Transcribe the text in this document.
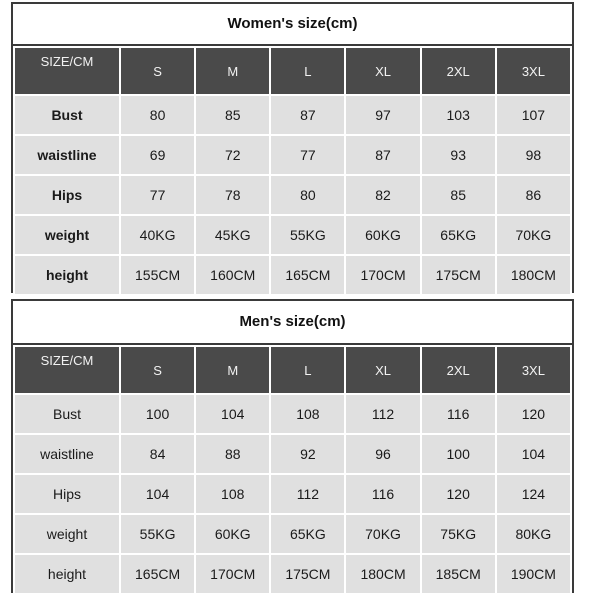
Women's size(cm)
SIZE/CM	S	M	L	XL	2XL	3XL
Bust	80	85	87	97	103	107
waistline	69	72	77	87	93	98
Hips	77	78	80	82	85	86
weight	40KG	45KG	55KG	60KG	65KG	70KG
height	155CM	160CM	165CM	170CM	175CM	180CM
Men's size(cm)
SIZE/CM	S	M	L	XL	2XL	3XL
Bust	100	104	108	112	116	120
waistline	84	88	92	96	100	104
Hips	104	108	112	116	120	124
weight	55KG	60KG	65KG	70KG	75KG	80KG
height	165CM	170CM	175CM	180CM	185CM	190CM
